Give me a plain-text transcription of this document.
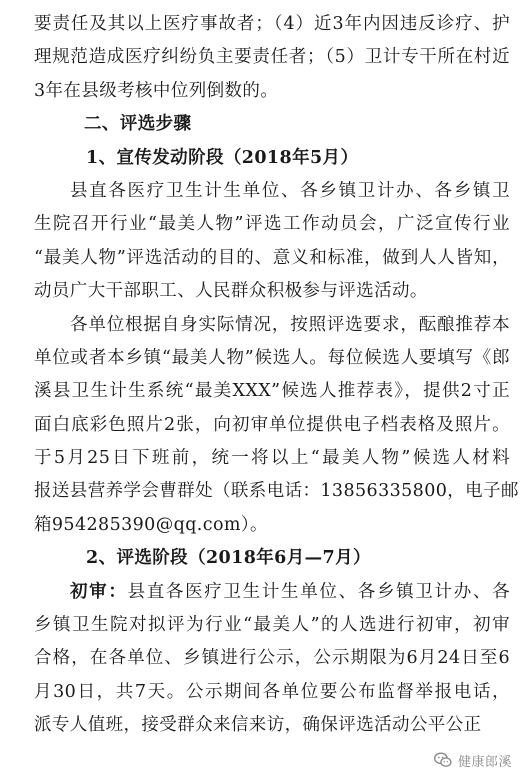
要责任及其以上医疗事故者；（4）近3年内因违反诊疗、护
理规范造成医疗纠纷负主要责任者；（5）卫计专干所在村近
3年在县级考核中位列倒数的。
二、评选步骤
1、宣传发动阶段（2018年5月）
县直各医疗卫生计生单位、各乡镇卫计办、各乡镇卫
生院召开行业“最美人物”评选工作动员会，广泛宣传行业
“最美人物”评选活动的目的、意义和标准，做到人人皆知，
动员广大干部职工、人民群众积极参与评选活动。
各单位根据自身实际情况，按照评选要求，酝酿推荐本
单位或者本乡镇“最美人物”候选人。每位候选人要填写《郎
溪县卫生计生系统“最美XXX”候选人推荐表》，提供2寸正
面白底彩色照片2张，向初审单位提供电子档表格及照片。
于5月25日下班前，统一将以上“最美人物”候选人材料
报送县营养学会曹群处（联系电话：13856335800，电子邮
箱954285390@qq.com）。
2、评选阶段（2018年6月—7月）
初审：县直各医疗卫生计生单位、各乡镇卫计办、各
乡镇卫生院对拟评为行业“最美人”的人选进行初审，初审
合格，在各单位、乡镇进行公示，公示期限为6月24日至6
月30日，共7天。公示期间各单位要公布监督举报电话，
派专人值班，接受群众来信来访，确保评选活动公平公正
健康郎溪
